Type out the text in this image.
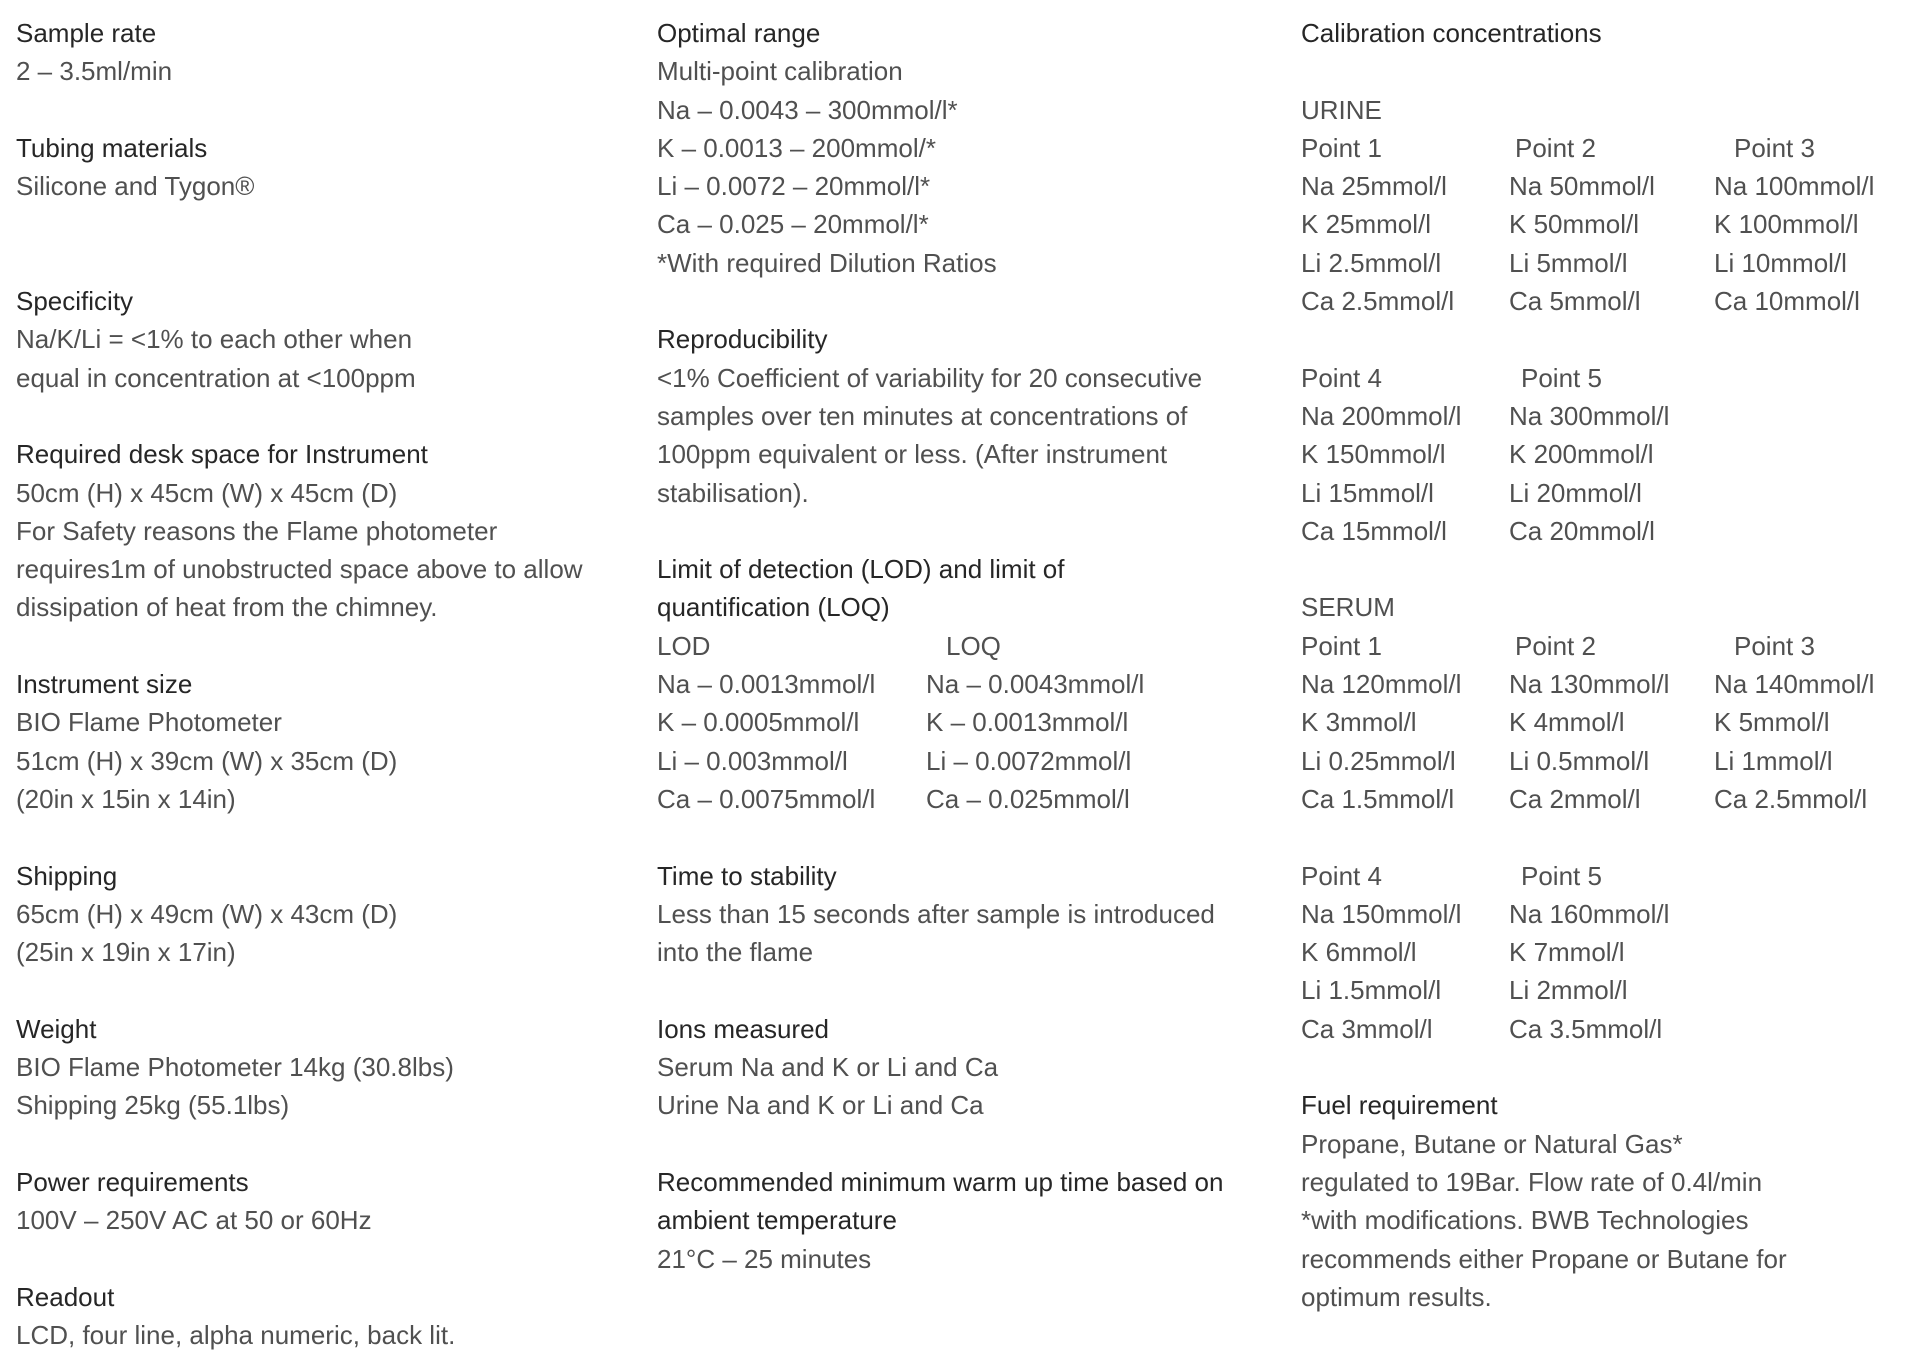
Sample rate
2 – 3.5ml/min
Tubing materials
Silicone and Tygon®
Specificity
Na/K/Li = <1% to each other when
equal in concentration at <100ppm
Required desk space for Instrument
50cm (H) x 45cm (W) x 45cm (D)
For Safety reasons the Flame photometer
requires1m of unobstructed space above to allow
dissipation of heat from the chimney.
Instrument size
BIO Flame Photometer
51cm (H) x 39cm (W) x 35cm (D)
(20in x 15in x 14in)
Shipping
65cm (H) x 49cm (W) x 43cm (D)
(25in x 19in x 17in)
Weight
BIO Flame Photometer 14kg (30.8lbs)
Shipping 25kg (55.1lbs)
Power requirements
100V – 250V AC at 50 or 60Hz
Readout
LCD, four line, alpha numeric, back lit.
Optimal range
Multi-point calibration
Na – 0.0043 – 300mmol/l*
K – 0.0013 – 200mmol/*
Li – 0.0072 – 20mmol/l*
Ca – 0.025 – 20mmol/l*
*With required Dilution Ratios
Reproducibility
<1% Coefficient of variability for 20 consecutive
samples over ten minutes at concentrations of
100ppm equivalent or less. (After instrument
stabilisation).
Limit of detection (LOD) and limit of
quantification (LOQ)
LOD	LOQ
Na – 0.0013mmol/l Na – 0.0043mmol/l
K – 0.0005mmol/l	K – 0.0013mmol/l
Li – 0.003mmol/l	Li – 0.0072mmol/l
Ca – 0.0075mmol/l Ca – 0.025mmol/l
Time to stability
Less than 15 seconds after sample is introduced
into the flame
Ions measured
Serum Na and K or Li and Ca
Urine Na and K or Li and Ca
Recommended minimum warm up time based on
ambient temperature
21°C – 25 minutes
Calibration concentrations
URINE
Point 1	Point 2	Point 3
Na 25mmol/l Na 50mmol/l Na 100mmol/l
K 25mmol/l	K 50mmol/l	K 100mmol/l
Li 2.5mmol/l	Li 5mmol/l	Li 10mmol/l
Ca 2.5mmol/l Ca 5mmol/l	Ca 10mmol/l
Point 4	Point 5
Na 200mmol/l Na 300mmol/l
K 150mmol/l K 200mmol/l
Li 15mmol/l	Li 20mmol/l
Ca 15mmol/l Ca 20mmol/l
SERUM
Point 1	Point 2	Point 3
Na 120mmol/l Na 130mmol/l Na 140mmol/l
K 3mmol/l	K 4mmol/l	K 5mmol/l
Li 0.25mmol/l Li 0.5mmol/l Li 1mmol/l
Ca 1.5mmol/l Ca 2mmol/l	Ca 2.5mmol/l
Point 4	Point 5
Na 150mmol/l Na 160mmol/l
K 6mmol/l	K 7mmol/l
Li 1.5mmol/l	Li 2mmol/l
Ca 3mmol/l	Ca 3.5mmol/l
Fuel requirement
Propane, Butane or Natural Gas*
regulated to 19Bar. Flow rate of 0.4l/min
*with modifications. BWB Technologies
recommends either Propane or Butane for
optimum results.
